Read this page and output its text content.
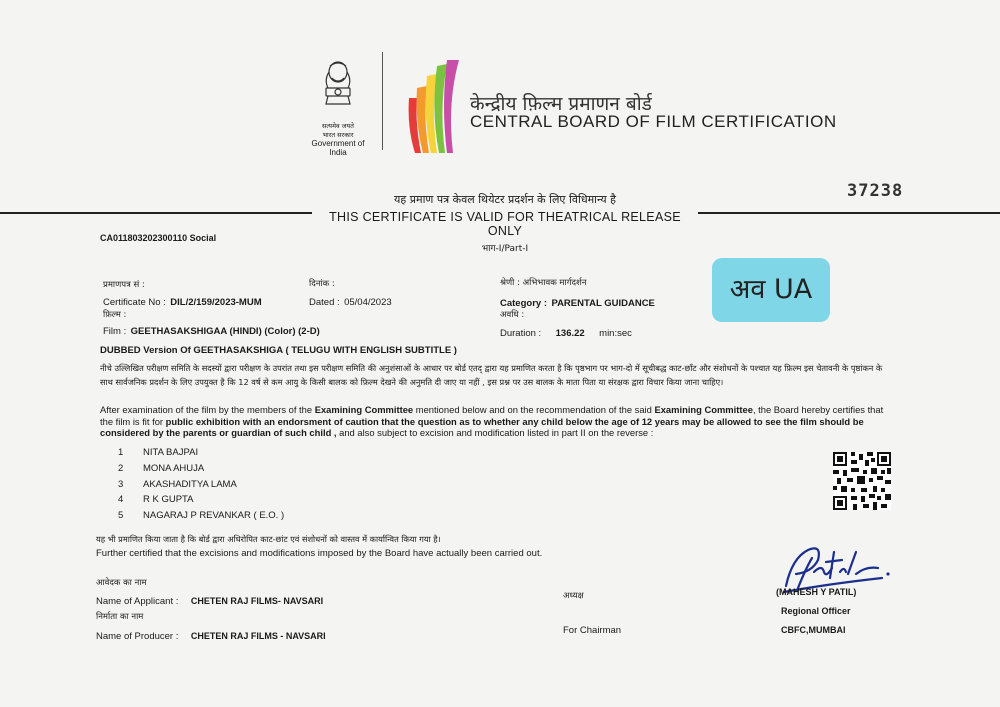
सत्यमेव जयते
भारत सरकार
Government of India
केन्द्रीय फ़िल्म प्रमाणन बोर्ड
CENTRAL BOARD OF FILM CERTIFICATION
यह प्रमाण पत्र केवल थियेटर प्रदर्शन के लिए विधिमान्य है
THIS CERTIFICATE IS VALID FOR THEATRICAL RELEASE ONLY
भाग-I/Part-I
37238
CA011803202300110 Social
प्रमाणपत्र सं :
Certificate No : DIL/2/159/2023-MUM
दिनांक :
Dated : 05/04/2023
श्रेणी : अभिभावक मार्गदर्शन
Category : PARENTAL GUIDANCE
फ़िल्म :
Film : GEETHASAKSHIGAA (HINDI) (Color) (2-D)
अवधि :
Duration : 136.22 min:sec
अव UA
DUBBED Version Of GEETHASAKSHIGA ( TELUGU WITH ENGLISH SUBTITLE )
नीचे उल्लिखित परीक्षण समिति के सदस्यों द्वारा परीक्षण के उपरांत तथा इस परीक्षण समिति की अनुशंसाओं के आधार पर बोर्ड एतद् द्वारा यह प्रमाणित करता है कि पृष्ठभाग पर भाग-दो में सूचीबद्ध काट-छाँट और संशोधनों के पश्चात यह फ़िल्म इस चेतावनी के पृष्ठांकन के साथ सार्वजनिक प्रदर्शन के लिए उपयुक्त है कि 12 वर्ष से कम आयु के किसी बालक को फ़िल्म देखने की अनुमति दी जाए या नहीं , इस प्रश्न पर उस बालक के माता पिता या संरक्षक द्वारा विचार किया जाना चाहिए।
After examination of the film by the members of the Examining Committee mentioned below and on the recommendation of the said Examining Committee, the Board hereby certifies that the film is fit for public exhibition with an endorsment of caution that the question as to whether any child below the age of 12 years may be allowed to see the film should be considered by the parents or guardian of such child , and also subject to excision and modification listed in part II on the reverse :
1 NITA BAJPAI
2 MONA AHUJA
3 AKASHADITYA LAMA
4 R K GUPTA
5 NAGARAJ P REVANKAR ( E.O. )
यह भी प्रमाणित किया जाता है कि बोर्ड द्वारा अधिरोपित काट-छांट एवं संशोधनों को वास्तव में कार्यान्वित किया गया है।
Further certified that the excisions and modifications imposed by the Board have actually been carried out.
आवेदक का नाम
Name of Applicant : CHETEN RAJ FILMS- NAVSARI
निर्माता का नाम
Name of Producer : CHETEN RAJ FILMS - NAVSARI
अध्यक्ष
For Chairman
(MAHESH Y PATIL)
Regional Officer
CBFC,MUMBAI
